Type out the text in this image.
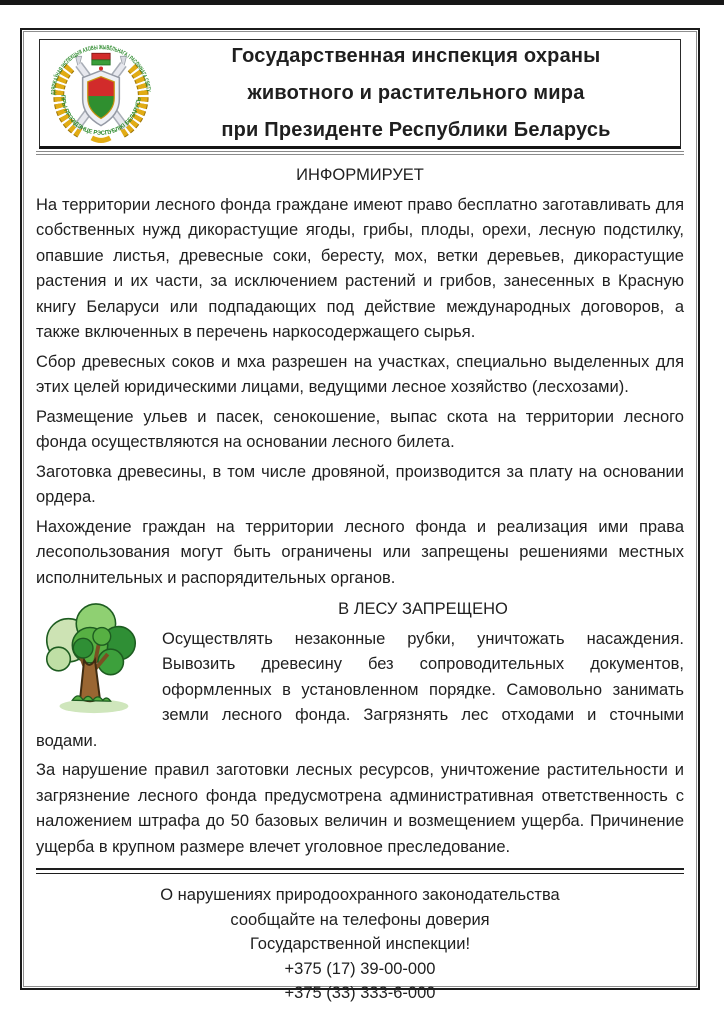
ДЗЯРЖАЎНАЯ ІНСПЕКЦЫЯ АХОВЫ ЖЫВЁЛЬНАГА І РАСЛІННАГА СВЕТУ
ПРЫ ПРЭЗІДЭНЦЕ РЭСПУБЛІКІ БЕЛАРУСЬ
Государственная инспекция охраны
животного и растительного мира
при Президенте Республики Беларусь
ИНФОРМИРУЕТ

На территории лесного фонда граждане имеют право бесплатно заготавливать для собственных нужд дикорастущие ягоды, грибы, плоды, орехи, лесную подстилку, опавшие листья, древесные соки, бересту, мох, ветки деревьев, дикорастущие растения и их части, за исключением растений и грибов, занесенных в Красную книгу Беларуси или подпадающих под действие международных договоров, а также включенных в перечень наркосодержащего сырья.

Сбор древесных соков и мха разрешен на участках, специально выделенных для этих целей юридическими лицами, ведущими лесное хозяйство (лесхозами).

Размещение ульев и пасек, сенокошение, выпас скота на территории лесного фонда осуществляются на основании лесного билета.

Заготовка древесины, в том числе дровяной, производится за плату на основании ордера.

Нахождение граждан на территории лесного фонда и реализация ими права лесопользования могут быть ограничены или запрещены решениями местных исполнительных и распорядительных органов.

В ЛЕСУ ЗАПРЕЩЕНО

Осуществлять незаконные рубки, уничтожать насаждения. Вывозить древесину без сопроводительных документов, оформленных в установленном порядке. Самовольно занимать земли лесного фонда. Загрязнять лес отходами и сточными водами.

За нарушение правил заготовки лесных ресурсов, уничтожение растительности и загрязнение лесного фонда предусмотрена административная ответственность с наложением штрафа до 50 базовых величин и возмещением ущерба. Причинение ущерба в крупном размере влечет уголовное преследование.

О нарушениях природоохранного законодательства
сообщайте на телефоны доверия
Государственной инспекции!
+375 (17) 39-00-000
+375 (33) 333-6-000
